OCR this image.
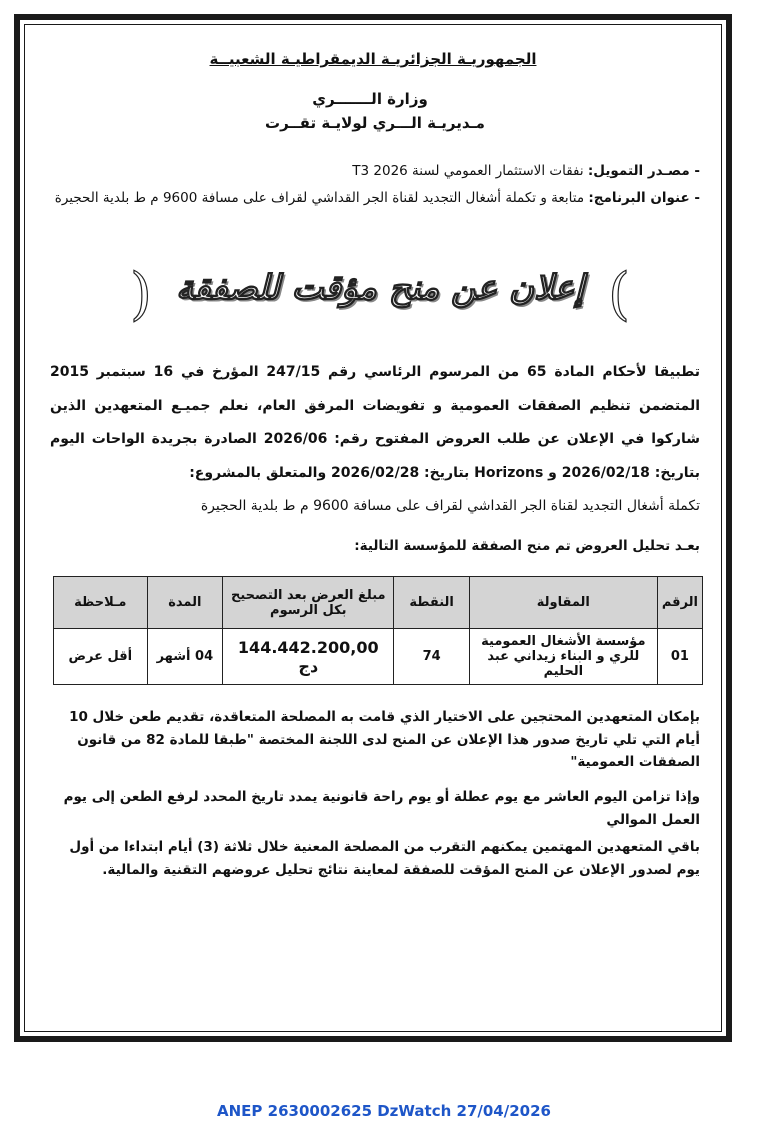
الجمهوريـة الجزائريـة الديمقراطيـة الشعبيــة
وزارة الـــــــري
مـديريـة الـــري لولايـة تقــرت
- مصـدر التمويل: نفقات الاستثمار العمومي لسنة 2026 T3
- عنوان البرنامج: متابعة و تكملة أشغال التجديد لقناة الجر القداشي لقراف على مسافة 9600 م ط بلدية الحجيرة
(
إعلان عن منح مؤقت للصفقة
)
تطبيقا لأحكام المادة 65 من المرسوم الرئاسي رقم 247/15 المؤرخ في 16 سبتمبر 2015 المتضمن تنظيم الصفقات العمومية و تفويضات المرفق العام، نعلم جميـع المتعهدين الذين شاركوا في الإعلان عن طلب العروض المفتوح رقم: 2026/06 الصادرة بجريدة الواحات اليوم بتاريخ: 2026/02/18 و Horizons بتاريخ: 2026/02/28 والمتعلق بالمشروع:
تكملة أشغال التجديد لقناة الجر القداشي لقراف على مسافة 9600 م ط بلدية الحجيرة
بعـد تحليل العروض تم منح الصفقة للمؤسسة التالية:
الرقم	المقاولة	النقطة	مبلغ العرض بعد التصحيح بكل الرسوم	المدة	مـلاحظة
01	مؤسسة الأشغال العمومية للري و البناء زيداني عبد الحليم	74	144.442.200,00 دج	04 أشهر	أقل عرض
بإمكان المتعهدين المحتجين على الاختيار الذي قامت به المصلحة المتعاقدة، تقديم طعن خلال 10 أيام التي تلي تاريخ صدور هذا الإعلان عن المنح لدى اللجنة المختصة "طبقا للمادة 82 من قانون الصفقات العمومية"
وإذا تزامن اليوم العاشر مع يوم عطلة أو يوم راحة قانونية يمدد تاريخ المحدد لرفع الطعن إلى يوم العمل الموالي
باقي المتعهدين المهتمين يمكنهم التقرب من المصلحة المعنية خلال ثلاثة (3) أيام ابتداءا من أول يوم لصدور الإعلان عن المنح المؤقت للصفقة لمعاينة نتائج تحليل عروضهم التقنية والمالية.
ANEP 2630002625 DzWatch 27/04/2026
